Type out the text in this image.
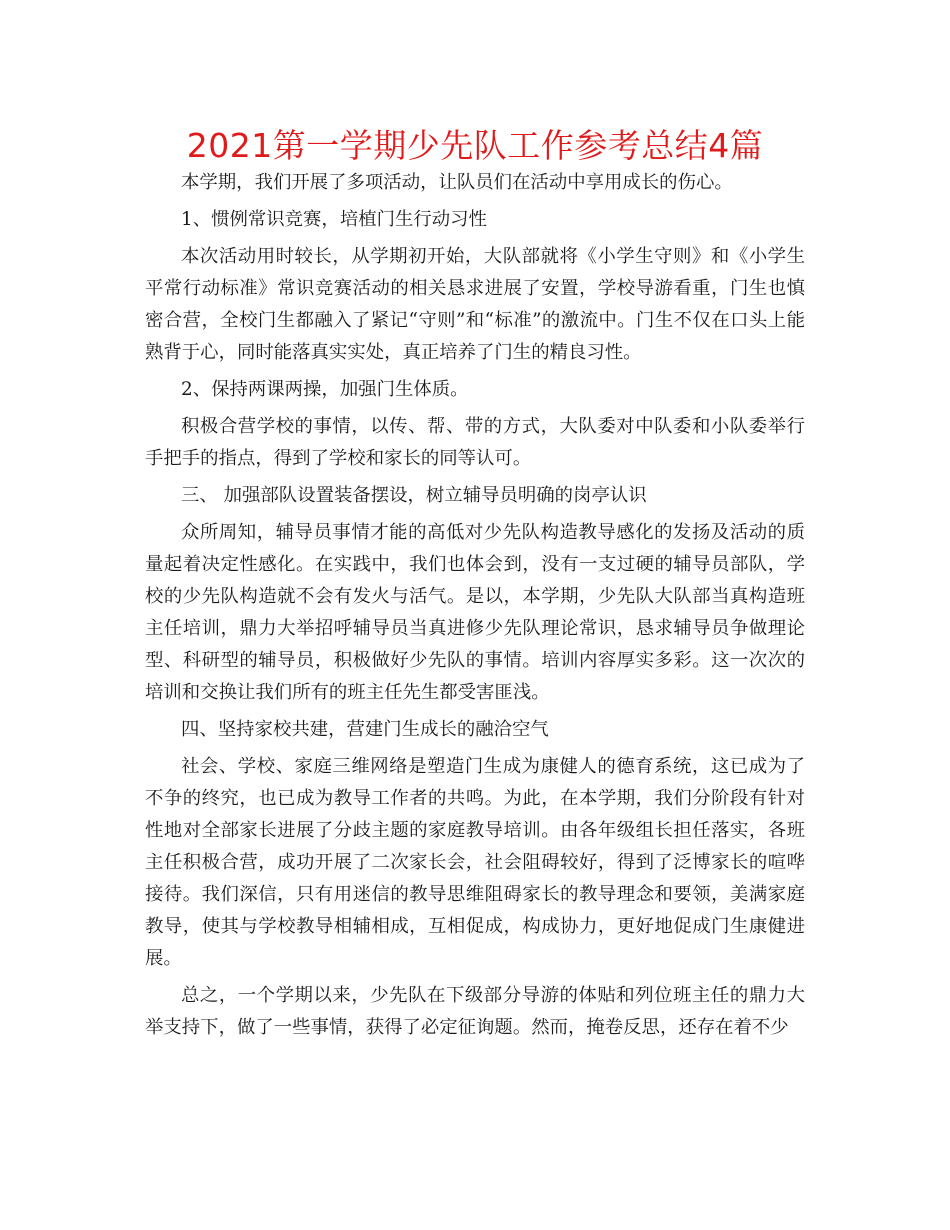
2021第一学期少先队工作参考总结4篇

本学期，我们开展了多项活动，让队员们在活动中享用成长的伤心。

1、惯例常识竞赛，培植门生行动习性

本次活动用时较长，从学期初开始，大队部就将《小学生守则》和《小学生平常行动标准》常识竞赛活动的相关恳求进展了安置，学校导游看重，门生也慎密合营，全校门生都融入了紧记“守则”和“标准”的激流中。门生不仅在口头上能熟背于心，同时能落真实实处，真正培养了门生的精良习性。

2、保持两课两操，加强门生体质。

积极合营学校的事情，以传、帮、带的方式，大队委对中队委和小队委举行手把手的指点，得到了学校和家长的同等认可。

三、 加强部队设置装备摆设，树立辅导员明确的岗亭认识

众所周知，辅导员事情才能的高低对少先队构造教导感化的发扬及活动的质量起着决定性感化。在实践中，我们也体会到，没有一支过硬的辅导员部队，学校的少先队构造就不会有发火与活气。是以，本学期，少先队大队部当真构造班主任培训，鼎力大举招呼辅导员当真进修少先队理论常识，恳求辅导员争做理论型、科研型的辅导员，积极做好少先队的事情。培训内容厚实多彩。这一次次的培训和交换让我们所有的班主任先生都受害匪浅。

四、坚持家校共建，营建门生成长的融洽空气

社会、学校、家庭三维网络是塑造门生成为康健人的德育系统，这已成为了不争的终究，也已成为教导工作者的共鸣。为此，在本学期，我们分阶段有针对性地对全部家长进展了分歧主题的家庭教导培训。由各年级组长担任落实，各班主任积极合营，成功开展了二次家长会，社会阻碍较好，得到了泛博家长的喧哗接待。我们深信，只有用迷信的教导思维阻碍家长的教导理念和要领，美满家庭教导，使其与学校教导相辅相成，互相促成，构成协力，更好地促成门生康健进展。

总之，一个学期以来，少先队在下级部分导游的体贴和列位班主任的鼎力大举支持下，做了一些事情，获得了必定征询题。然而，掩卷反思，还存在着不少
